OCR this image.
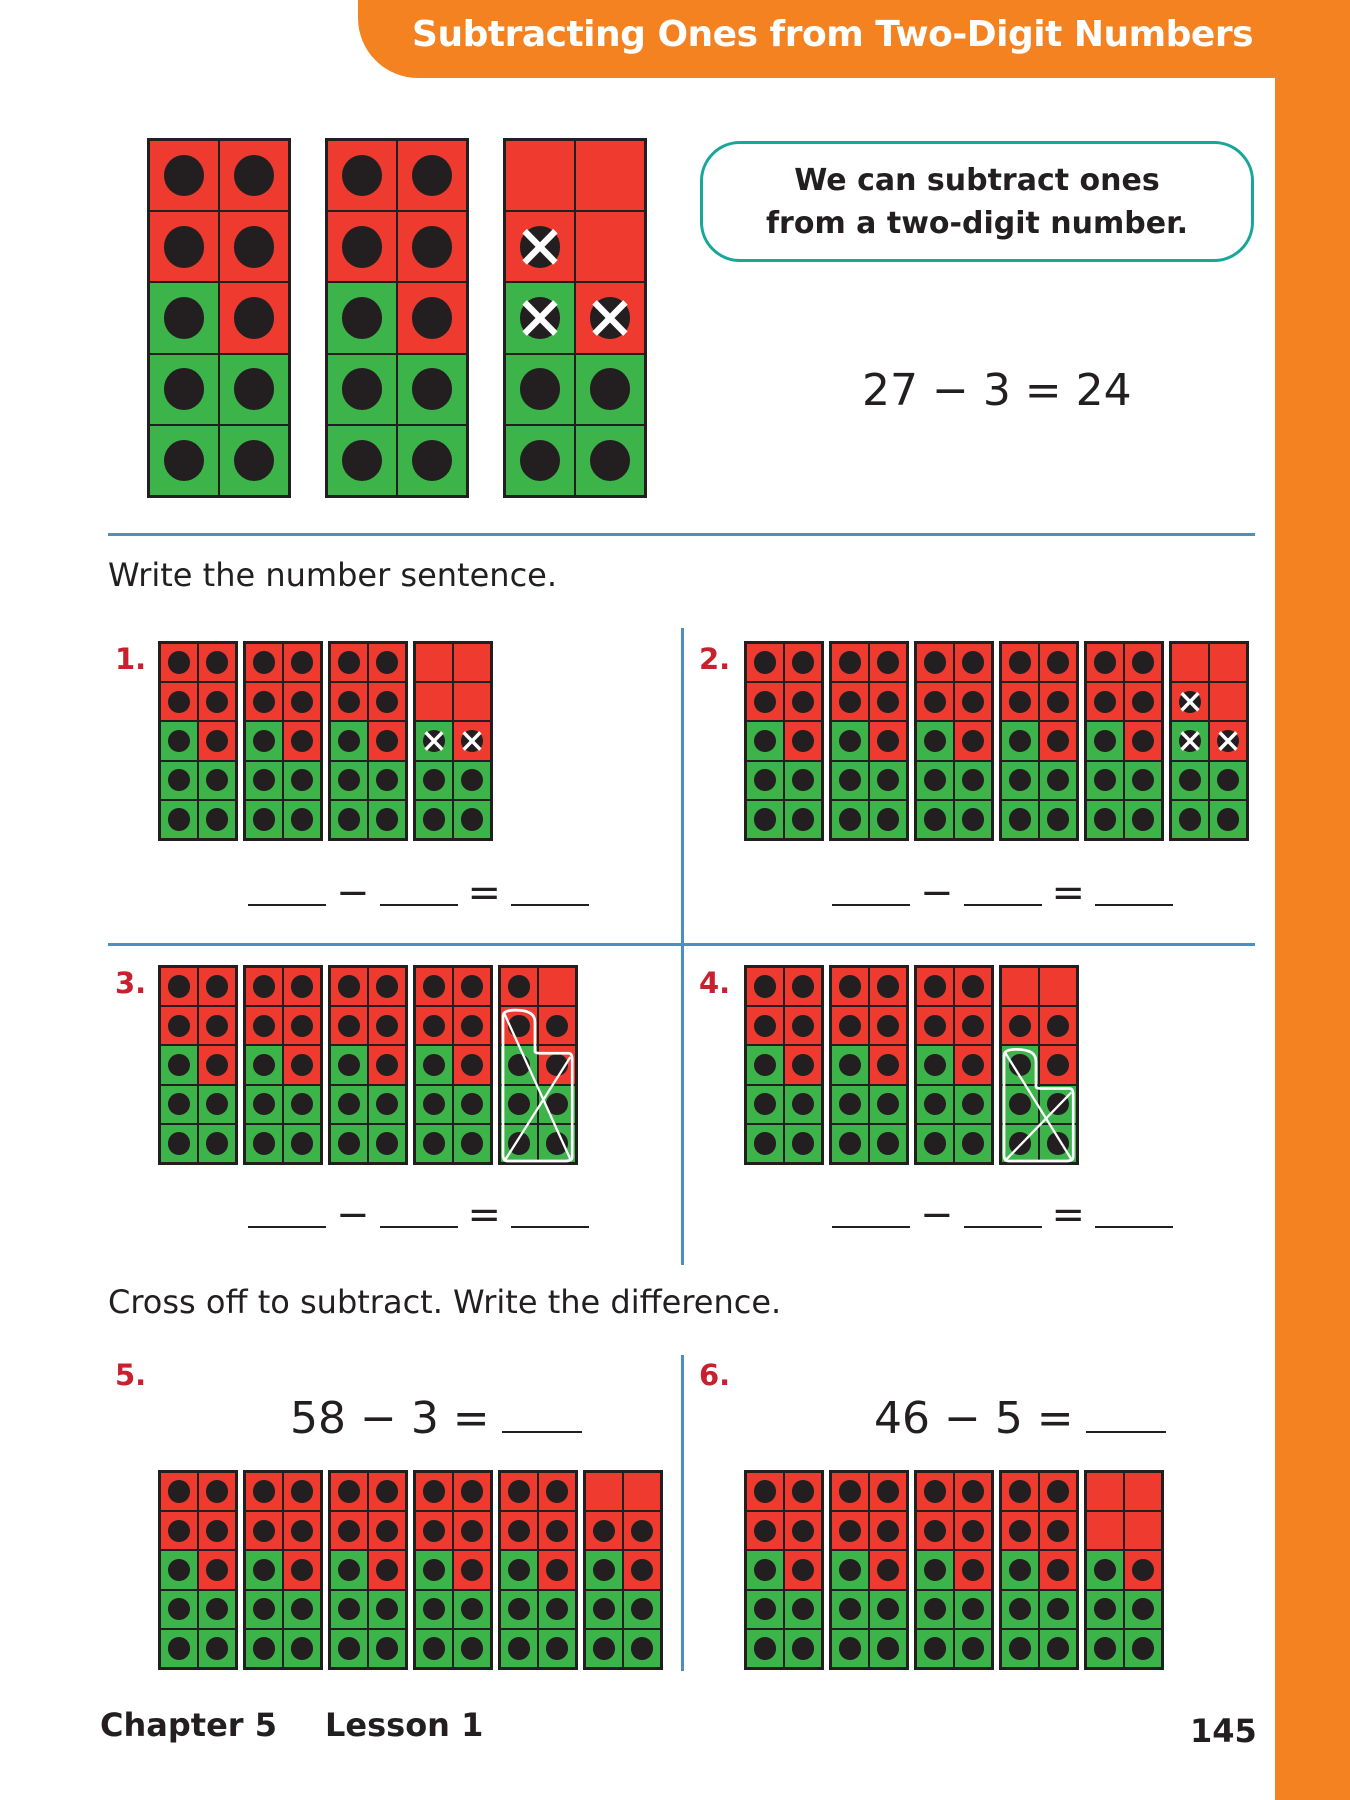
Subtracting Ones from Two-Digit Numbers
We can subtract ones
from a two-digit number.
27 − 3 = 24
Write the number sentence.
1.
− =
2.
− =
3.
− =
4.
− =
Cross off to subtract. Write the difference.
5.
58 − 3 =
6.
46 − 5 =
Chapter 5 Lesson 1	145
